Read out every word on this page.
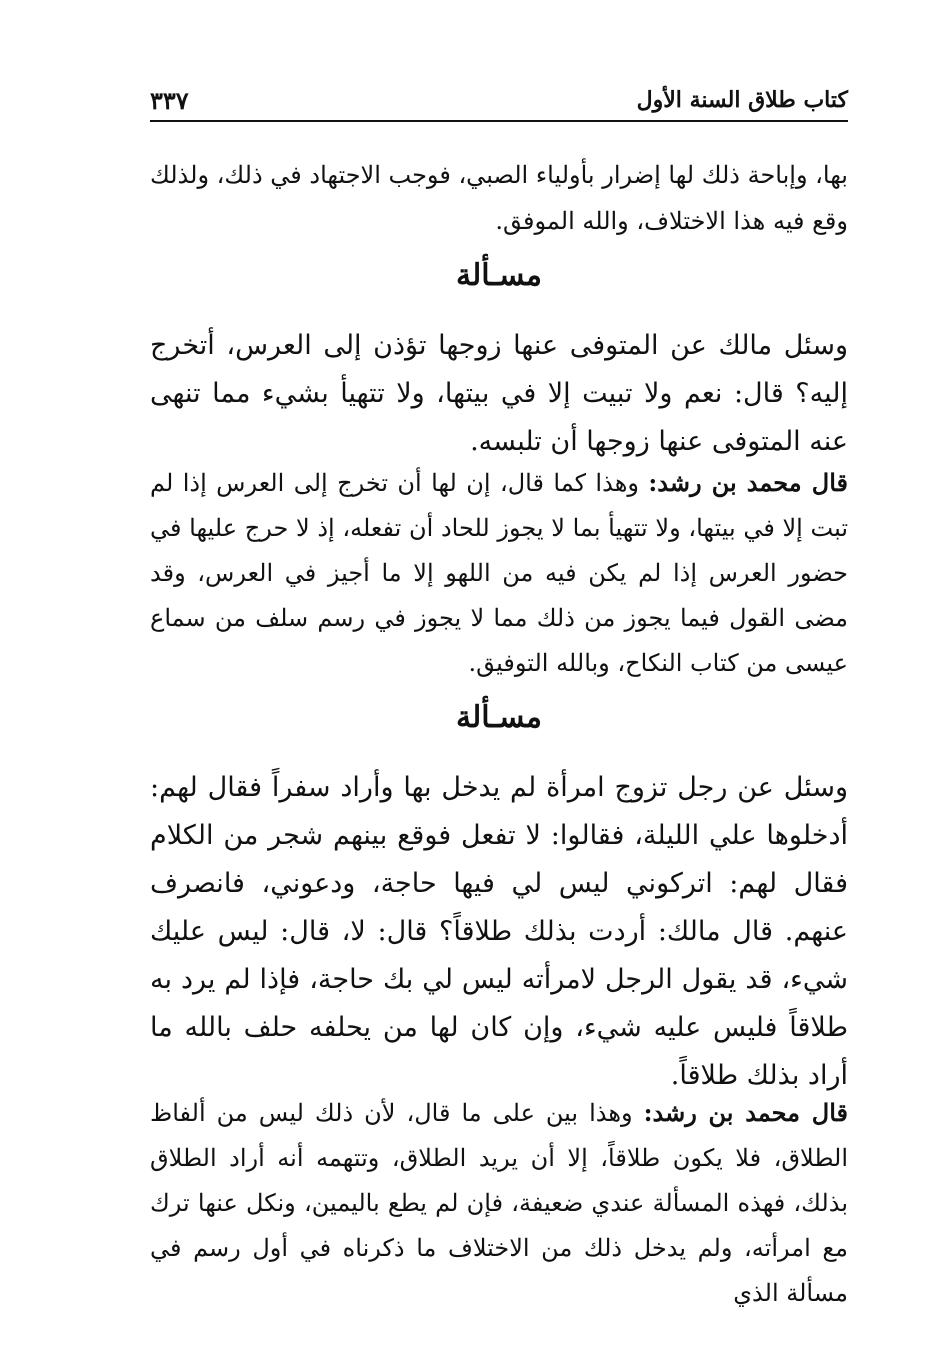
كتاب طلاق السنة الأول
٣٣٧

بها، وإباحة ذلك لها إضرار بأولياء الصبي، فوجب الاجتهاد في ذلك، ولذلك وقع فيه هذا الاختلاف، والله الموفق.

مسـألة

وسئل مالك عن المتوفى عنها زوجها تؤذن إلى العرس، أتخرج إليه؟ قال: نعم ولا تبيت إلا في بيتها، ولا تتهيأ بشيء مما تنهى عنه المتوفى عنها زوجها أن تلبسه.

قال محمد بن رشد: وهذا كما قال، إن لها أن تخرج إلى العرس إذا لم تبت إلا في بيتها، ولا تتهيأ بما لا يجوز للحاد أن تفعله، إذ لا حرج عليها في حضور العرس إذا لم يكن فيه من اللهو إلا ما أجيز في العرس، وقد مضى القول فيما يجوز من ذلك مما لا يجوز في رسم سلف من سماع عيسى من كتاب النكاح، وبالله التوفيق.

مسـألة

وسئل عن رجل تزوج امرأة لم يدخل بها وأراد سفراً فقال لهم: أدخلوها علي الليلة، فقالوا: لا تفعل فوقع بينهم شجر من الكلام فقال لهم: اتركوني ليس لي فيها حاجة، ودعوني، فانصرف عنهم. قال مالك: أردت بذلك طلاقاً؟ قال: لا، قال: ليس عليك شيء، قد يقول الرجل لامرأته ليس لي بك حاجة، فإذا لم يرد به طلاقاً فليس عليه شيء، وإن كان لها من يحلفه حلف بالله ما أراد بذلك طلاقاً.

قال محمد بن رشد: وهذا بين على ما قال، لأن ذلك ليس من ألفاظ الطلاق، فلا يكون طلاقاً، إلا أن يريد الطلاق، وتتهمه أنه أراد الطلاق بذلك، فهذه المسألة عندي ضعيفة، فإن لم يطع باليمين، ونكل عنها ترك مع امرأته، ولم يدخل ذلك من الاختلاف ما ذكرناه في أول رسم في مسألة الذي
